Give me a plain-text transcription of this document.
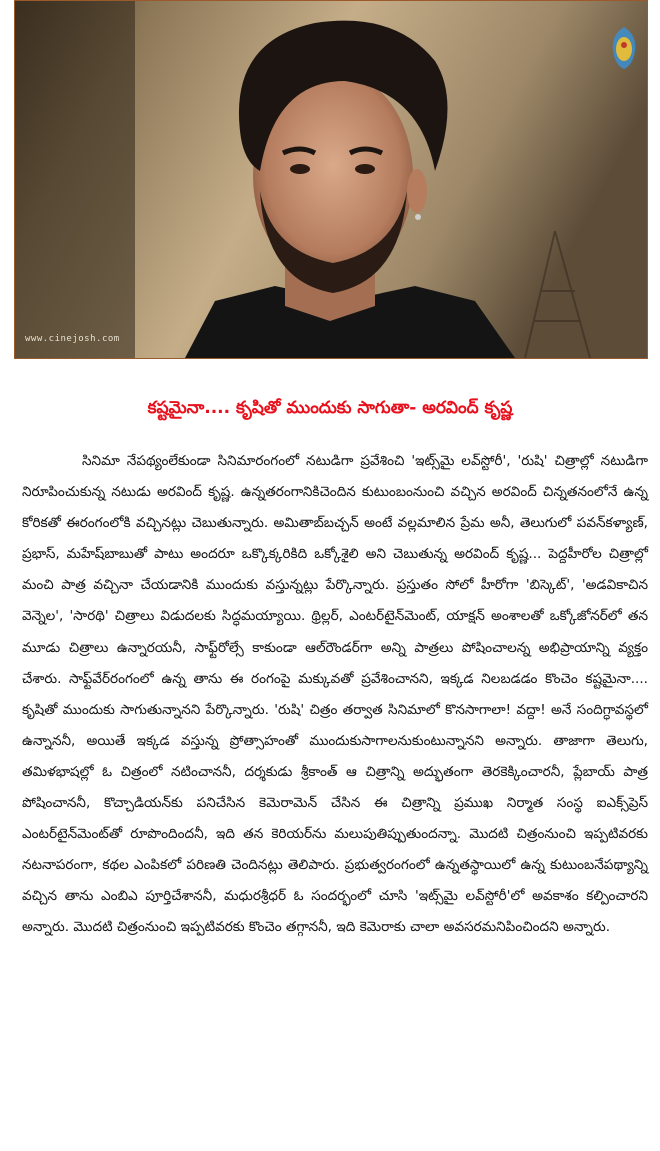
www.cinejosh.com
కష్టమైనా.... కృషితో ముందుకు సాగుతా- అరవింద్ కృష్ణ

సినిమా నేపథ్యంలేకుండా సినిమారంగంలో నటుడిగా ప్రవేశించి 'ఇట్స్‌మై లవ్‌స్టోరీ', 'రుషి' చిత్రాల్లో నటుడిగా నిరూపించుకున్న నటుడు అరవింద్ కృష్ణ. ఉన్నతరంగానికిచెందిన కుటుంబంనుంచి వచ్చిన అరవింద్ చిన్నతనంలోనే ఉన్న కోరికతో ఈరంగంలోకి వచ్చినట్లు చెబుతున్నారు. అమితాబ్‌బచ్చన్ అంటే వల్లమాలిన ప్రేమ అనీ, తెలుగులో పవన్‌కళ్యాణ్, ప్రభాస్, మహేష్‌బాబుతో పాటు అందరూ ఒక్కొక్కరికిది ఒక్కోశైలి అని చెబుతున్న అరవింద్ కృష్ణ... పెద్దహీరోల చిత్రాల్లో మంచి పాత్ర వచ్చినా చేయడానికి ముందుకు వస్తున్నట్లు పేర్కొన్నారు. ప్రస్తుతం సోలో హీరోగా 'బిస్కెట్', 'అడవికాచిన వెన్నెల', 'సారథి' చిత్రాలు విడుదలకు సిద్ధమయ్యాయి. థ్రిల్లర్, ఎంటర్‌టైన్‌మెంట్, యాక్షన్ అంశాలతో ఒక్కోజోనర్‌లో తన మూడు చిత్రాలు ఉన్నారయనీ, సాఫ్ట్‌రోల్సే కాకుండా ఆల్‌రౌండర్‌గా అన్ని పాత్రలు పోషించాలన్న అభిప్రాయాన్ని వ్యక్తం చేశారు. సాఫ్ట్‌వేర్‌రంగంలో ఉన్న తాను ఈ రంగంపై మక్కువతో ప్రవేశించానని, ఇక్కడ నిలబడడం కొంచెం కష్టమైనా.... కృషితో ముందుకు సాగుతున్నానని పేర్కొన్నారు. 'రుషి' చిత్రం తర్వాత సినిమాలో కొనసాగాలా! వద్దా! అనే సందిగ్ధావస్థలో ఉన్నాననీ, అయితే ఇక్కడ వస్తున్న ప్రోత్సాహంతో ముందుకుసాగాలనుకుంటున్నానని అన్నారు. తాజాగా తెలుగు, తమిళభాషల్లో ఓ చిత్రంలో నటించాననీ, దర్శకుడు శ్రీకాంత్ ఆ చిత్రాన్ని అద్భుతంగా తెరకెక్కించారనీ, ప్లేబాయ్ పాత్ర పోషించాననీ, కొచ్చాడియన్‌కు పనిచేసిన కెమెరామెన్ చేసిన ఈ చిత్రాన్ని ప్రముఖ నిర్మాత సంస్థ ఐఎక్స్‌ప్రెస్ ఎంటర్‌టైన్‌మెంట్‌తో రూపొందిందనీ, ఇది తన కెరియర్‌ను మలుపుతిప్పుతుందన్నా. మొదటి చిత్రంనుంచి ఇప్పటివరకు నటనాపరంగా, కథల ఎంపికలో పరిణతి చెందినట్లు తెలిపారు. ప్రభుత్వరంగంలో ఉన్నతస్థాయిలో ఉన్న కుటుంబనేపథ్యాన్ని వచ్చిన తాను ఎంబిఎ పూర్తిచేశాననీ, మధురశ్రీధర్ ఓ సందర్భంలో చూసి 'ఇట్స్‌మై లవ్‌స్టోరీ'లో అవకాశం కల్పించారని అన్నారు. మొదటి చిత్రంనుంచి ఇప్పటివరకు కొంచెం తగ్గాననీ, ఇది కెమెరాకు చాలా అవసరమనిపించిందని అన్నారు.
